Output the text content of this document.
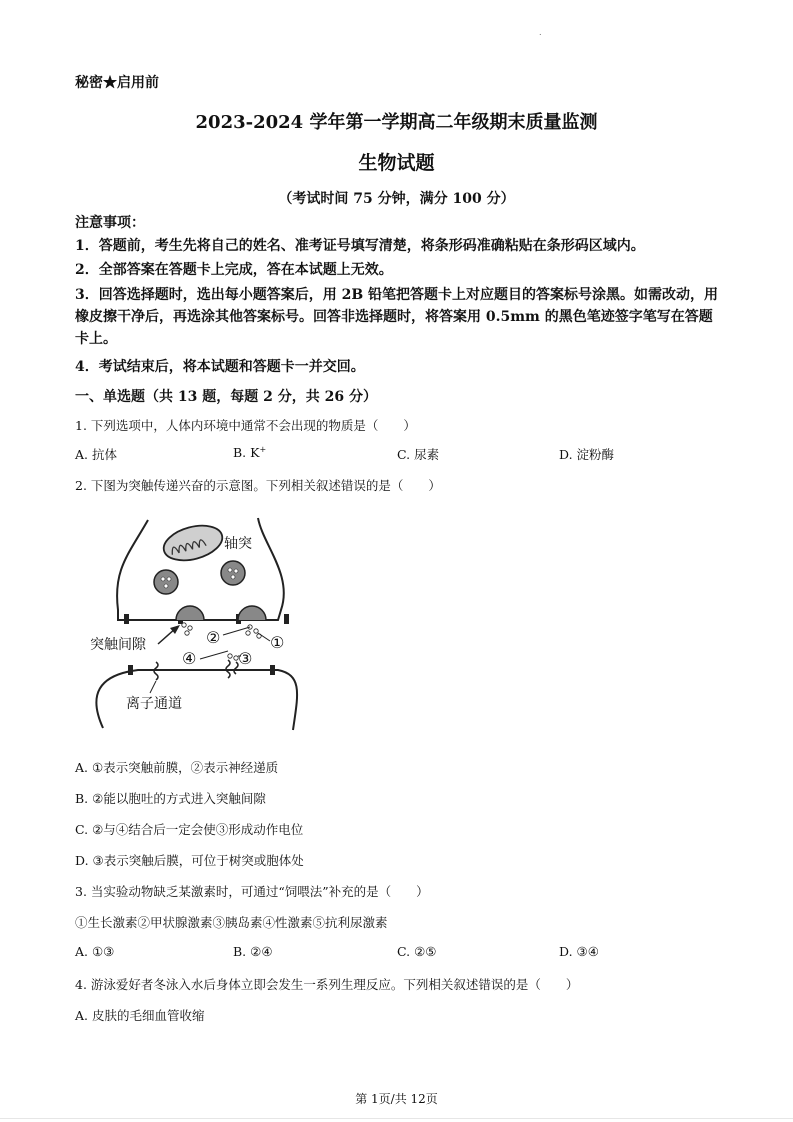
.
秘密★启用前
2023-2024 学年第一学期高二年级期末质量监测
生物试题
（考试时间 75 分钟，满分 100 分）
注意事项：
1．答题前，考生先将自己的姓名、准考证号填写清楚，将条形码准确粘贴在条形码区域内。
2．全部答案在答题卡上完成，答在本试题上无效。
3．回答选择题时，选出每小题答案后，用 2B 铅笔把答题卡上对应题目的答案标号涂黑。如需改动，用橡皮擦干净后，再选涂其他答案标号。回答非选择题时，将答案用 0.5mm 的黑色笔迹签字笔写在答题卡上。
4．考试结束后，将本试题和答题卡一并交回。
一、单选题（共 13 题，每题 2 分，共 26 分）
1. 下列选项中，人体内环境中通常不会出现的物质是（　　）
A. 抗体	B. K+	C. 尿素	D. 淀粉酶
2. 下图为突触传递兴奋的示意图。下列相关叙述错误的是（　　）
轴突
突触间隙	②	①
④	③
离子通道
A. ①表示突触前膜，②表示神经递质
B. ②能以胞吐的方式进入突触间隙
C. ②与④结合后一定会使③形成动作电位
D. ③表示突触后膜，可位于树突或胞体处
3. 当实验动物缺乏某激素时，可通过“饲喂法”补充的是（　　）
①生长激素②甲状腺激素③胰岛素④性激素⑤抗利尿激素
A. ①③	B. ②④	C. ②⑤	D. ③④
4. 游泳爱好者冬泳入水后身体立即会发生一系列生理反应。下列相关叙述错误的是（　　）
A. 皮肤的毛细血管收缩
第 1页/共 12页
